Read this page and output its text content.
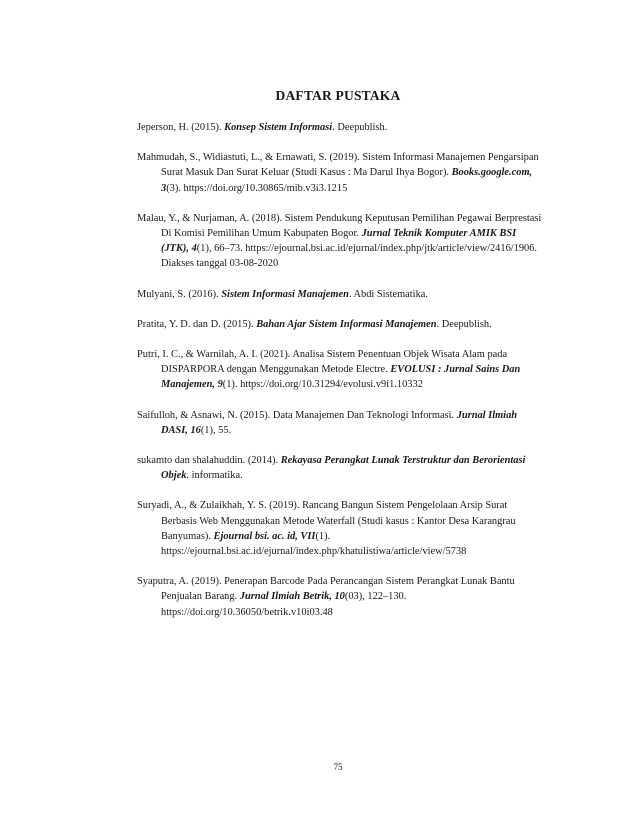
DAFTAR PUSTAKA

Jeperson, H. (2015). Konsep Sistem Informasi. Deepublish.

Mahmudah, S., Widiastuti, L., & Ernawati, S. (2019). Sistem Informasi Manajemen Pengarsipan Surat Masuk Dan Surat Keluar (Studi Kasus : Ma Darul Ihya Bogor). Books.google.com, 3(3). https://doi.org/10.30865/mib.v3i3.1215

Malau, Y., & Nurjaman, A. (2018). Sistem Pendukung Keputusan Pemilihan Pegawai Berprestasi Di Komisi Pemilihan Umum Kabupaten Bogor. Jurnal Teknik Komputer AMIK BSI (JTK), 4(1), 66–73. https://ejournal.bsi.ac.id/ejurnal/index.php/jtk/article/view/2416/1906. Diakses tanggal 03-08-2020

Mulyani, S. (2016). Sistem Informasi Manajemen. Abdi Sistematika.

Pratita, Y. D. dan D. (2015). Bahan Ajar Sistem Informasi Manajemen. Deepublish.

Putri, I. C., & Warnilah, A. I. (2021). Analisa Sistem Penentuan Objek Wisata Alam pada DISPARPORA dengan Menggunakan Metode Electre. EVOLUSI : Jurnal Sains Dan Manajemen, 9(1). https://doi.org/10.31294/evolusi.v9i1.10332

Saifulloh, & Asnawi, N. (2015). Data Manajemen Dan Teknologi Informasi. Jurnal Ilmiah DASI, 16(1), 55.

sukamto dan shalahuddin. (2014). Rekayasa Perangkat Lunak Terstruktur dan Berorientasi Objek. informatika.

Suryadi, A., & Zulaikhah, Y. S. (2019). Rancang Bangun Sistem Pengelolaan Arsip Surat Berbasis Web Menggunakan Metode Waterfall (Studi kasus : Kantor Desa Karangrau Banyumas). Ejournal bsi. ac. id, VII(1). https://ejournal.bsi.ac.id/ejurnal/index.php/khatulistiwa/article/view/5738

Syaputra, A. (2019). Penerapan Barcode Pada Perancangan Sistem Perangkat Lunak Bantu Penjualan Barang. Jurnal Ilmiah Betrik, 10(03), 122–130. https://doi.org/10.36050/betrik.v10i03.48

75
